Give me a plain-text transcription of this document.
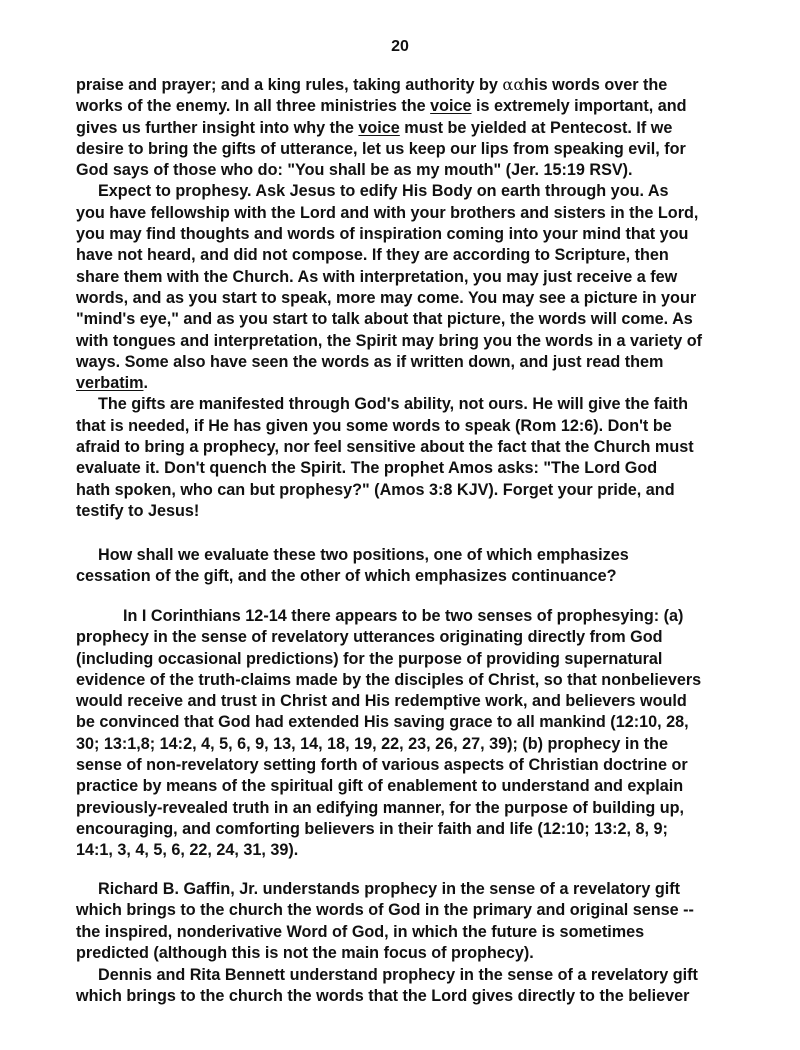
20
praise and prayer; and a king rules, taking authority by ααhis words over the
works of the enemy. In all three ministries the voice is extremely important, and
gives us further insight into why the voice must be yielded at Pentecost. If we
desire to bring the gifts of utterance, let us keep our lips from speaking evil, for
God says of those who do: "You shall be as my mouth" (Jer. 15:19 RSV).
Expect to prophesy. Ask Jesus to edify His Body on earth through you. As
you have fellowship with the Lord and with your brothers and sisters in the Lord,
you may find thoughts and words of inspiration coming into your mind that you
have not heard, and did not compose. If they are according to Scripture, then
share them with the Church. As with interpretation, you may just receive a few
words, and as you start to speak, more may come. You may see a picture in your
"mind's eye," and as you start to talk about that picture, the words will come. As
with tongues and interpretation, the Spirit may bring you the words in a variety of
ways. Some also have seen the words as if written down, and just read them
verbatim.
The gifts are manifested through God's ability, not ours. He will give the faith
that is needed, if He has given you some words to speak (Rom 12:6). Don't be
afraid to bring a prophecy, nor feel sensitive about the fact that the Church must
evaluate it. Don't quench the Spirit. The prophet Amos asks: "The Lord God
hath spoken, who can but prophesy?" (Amos 3:8 KJV). Forget your pride, and
testify to Jesus!
How shall we evaluate these two positions, one of which emphasizes
cessation of the gift, and the other of which emphasizes continuance?
In I Corinthians 12-14 there appears to be two senses of prophesying: (a)
prophecy in the sense of revelatory utterances originating directly from God
(including occasional predictions) for the purpose of providing supernatural
evidence of the truth-claims made by the disciples of Christ, so that nonbelievers
would receive and trust in Christ and His redemptive work, and believers would
be convinced that God had extended His saving grace to all mankind (12:10, 28,
30; 13:1,8; 14:2, 4, 5, 6, 9, 13, 14, 18, 19, 22, 23, 26, 27, 39); (b) prophecy in the
sense of non-revelatory setting forth of various aspects of Christian doctrine or
practice by means of the spiritual gift of enablement to understand and explain
previously-revealed truth in an edifying manner, for the purpose of building up,
encouraging, and comforting believers in their faith and life (12:10; 13:2, 8, 9;
14:1, 3, 4, 5, 6, 22, 24, 31, 39).
Richard B. Gaffin, Jr. understands prophecy in the sense of a revelatory gift
which brings to the church the words of God in the primary and original sense --
the inspired, nonderivative Word of God, in which the future is sometimes
predicted (although this is not the main focus of prophecy).
Dennis and Rita Bennett understand prophecy in the sense of a revelatory gift
which brings to the church the words that the Lord gives directly to the believer
